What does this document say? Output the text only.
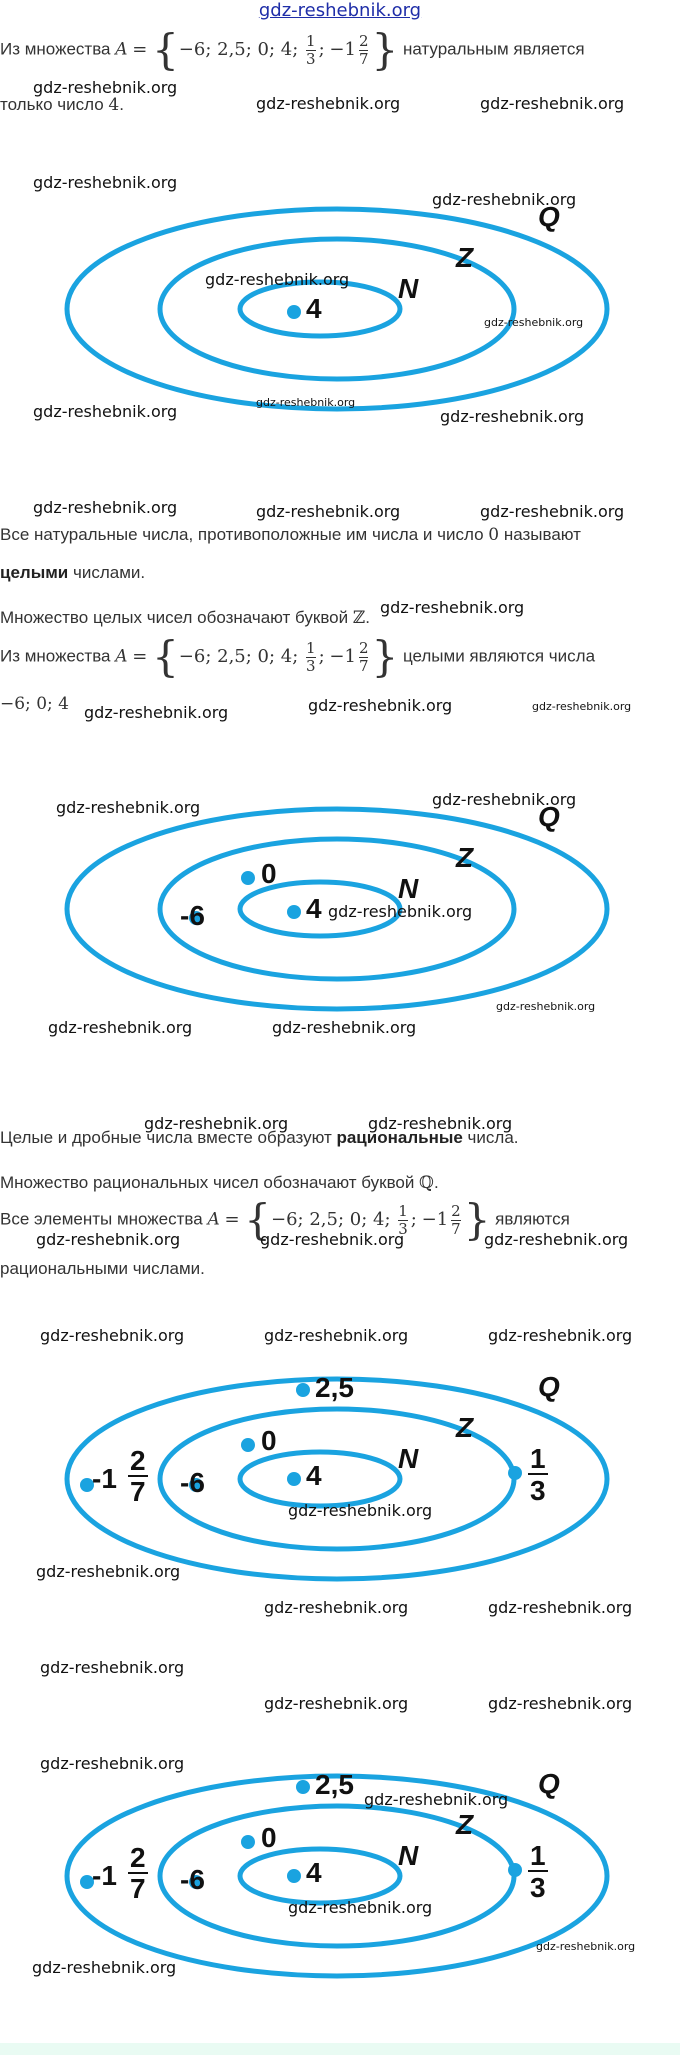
gdz-reshebnik.org
Из множества A = {−6; 2,5; 0; 4; $\frac{1}{3}$ ; $-1 \frac{2}{7}$ } натуральным является
только число 4.
Q
Z
N
4
Все натуральные числа, противоположные им числа и число 0 называют
целыми числами.
Множество целых чисел обозначают буквой ℤ.
Из множества A = {−6; 2,5; 0; 4; $\frac{1}{3}$ ; $-1 \frac{2}{7}$ } целыми являются числа
−6; 0; 4
Q
Z
N
4
0
-6
Целые и дробные числа вместе образуют рациональные числа.
Множество рациональных чисел обозначают буквой ℚ.
Все элементы множества A = {−6; 2,5; 0; 4; $\frac{1}{3}$ ; $-1 \frac{2}{7}$ } являются
рациональными числами.
Q
Z
N
4
0
-6
2,5
1
3
-1
2
7
Q
Z
N
4
0
-6
2,5
1
3
-1
2
7
gdz-reshebnik.org
gdz-reshebnik.org	gdz-reshebnik.org
gdz-reshebnik.org
gdz-reshebnik.org
gdz-reshebnik.org
gdz-reshebnik.org
gdz-reshebnik.org
gdz-reshebnik.org	gdz-reshebnik.org
gdz-reshebnik.org	gdz-reshebnik.org	gdz-reshebnik.org
gdz-reshebnik.org
gdz-reshebnik.org	gdz-reshebnik.org	gdz-reshebnik.org
gdz-reshebnik.org	gdz-reshebnik.org
gdz-reshebnik.org
gdz-reshebnik.org
gdz-reshebnik.org	gdz-reshebnik.org
gdz-reshebnik.org	gdz-reshebnik.org
gdz-reshebnik.org	gdz-reshebnik.org	gdz-reshebnik.org
gdz-reshebnik.org	gdz-reshebnik.org	gdz-reshebnik.org
gdz-reshebnik.org
gdz-reshebnik.org
gdz-reshebnik.org	gdz-reshebnik.org
gdz-reshebnik.org
gdz-reshebnik.org	gdz-reshebnik.org
gdz-reshebnik.org
gdz-reshebnik.org
gdz-reshebnik.org
gdz-reshebnik.org
gdz-reshebnik.org
